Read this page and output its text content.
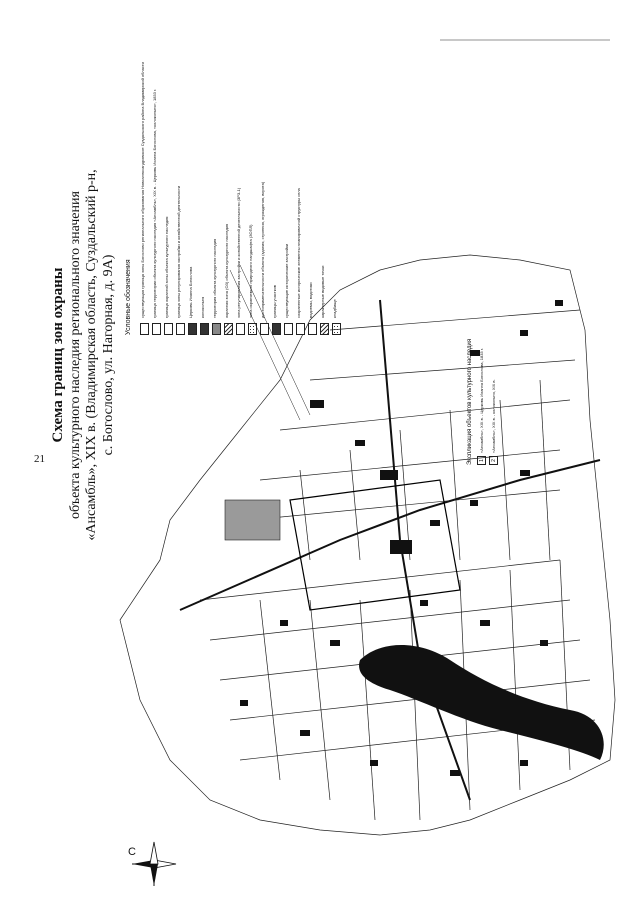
21
Схема границ зон охраны объекта культурного наследия регионального значения «Ансамбль», XIX в. (Владимирская область, Суздальский р-н, с. Богослово, ул. Нагорная, д. 9А) Условные обозначения существующая граница зоны Богослово регионального образования Новоалександровское Суздальского района Владимирской области граница территории объекта культурного наследия «Ансамбль», XIX в. - Церковь Иоанна Богослова, «колокольня», 1833 г. граница охранной зоны объекта культурного наследия граница зоны регулирования застройки и хозяйственной деятельности Церковь Иоанна Богослова колокольня территория объекта культурного наследия охранная зона (ОЗ) объекта культурного наследия зона регулирования застройки и хозяйственной деятельности (ЗРЗ-1) зона охраняемого природного ландшафта (ЗОПЛ) достопримечательности объекта (здания, строения, ограждения, ворота) границы участков существующие исторические застройки сохраненные исторические элементы планировочной структуры села водоемы, водотоки характерные видовые точки кладбище
Экспликация объектов культурного наследия	1
«Ансамбль», XIX в. - Церковь Иоанна Богослова, 1833 г.
2
«Ансамбль», XIX в. - колокольня, XIX в.
С
